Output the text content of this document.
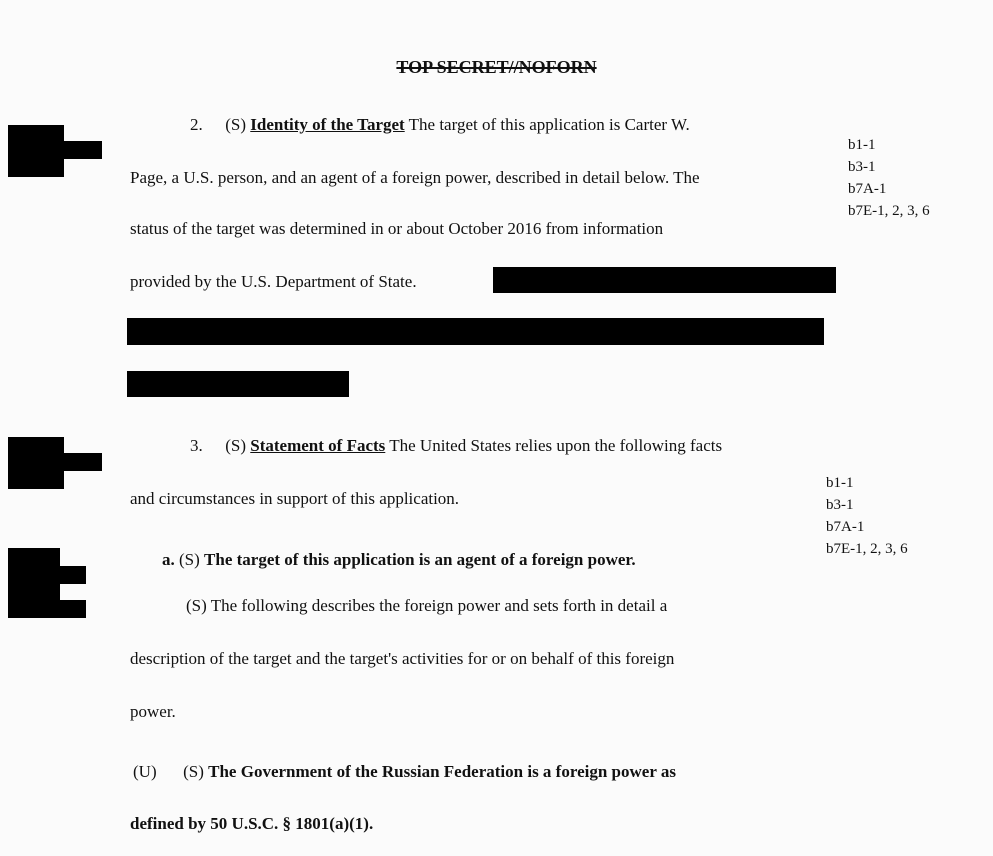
TOP SECRET//NOFORN
2. (S) Identity of the Target The target of this application is Carter W.
Page, a U.S. person, and an agent of a foreign power, described in detail below. The
status of the target was determined in or about October 2016 from information
provided by the U.S. Department of State.
b1-1
b3-1
b7A-1
b7E-1, 2, 3, 6
3. (S) Statement of Facts The United States relies upon the following facts
and circumstances in support of this application.
b1-1
b3-1
b7A-1
b7E-1, 2, 3, 6
a. (S) The target of this application is an agent of a foreign power.
(S) The following describes the foreign power and sets forth in detail a
description of the target and the target's activities for or on behalf of this foreign
power.
(U) (S) The Government of the Russian Federation is a foreign power as
defined by 50 U.S.C. § 1801(a)(1).
